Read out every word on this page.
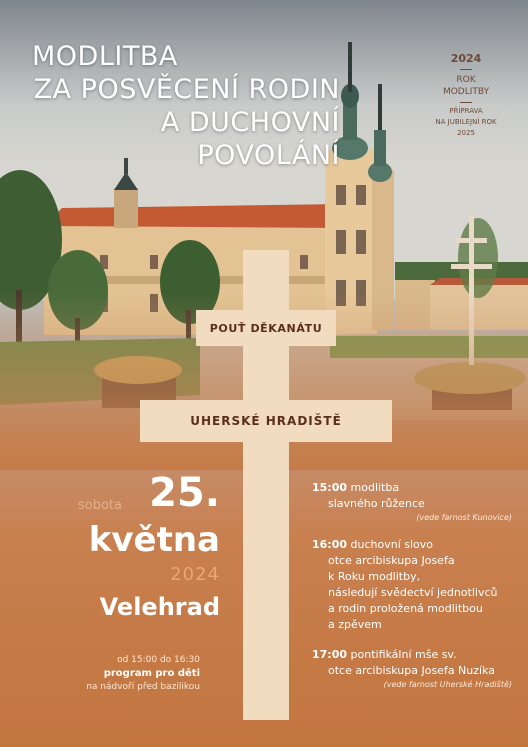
MODLITBA
ZA POSVĚCENÍ RODIN
A DUCHOVNÍ
POVOLÁNÍ
2024
ROK
MODLITBY
PŘÍPRAVA
NA JUBILEJNÍ ROK
2025
POUŤ DĚKANÁTU
UHERSKÉ HRADIŠTĚ
sobota 25.
května
2024
Velehrad
od 15:00 do 16:30
program pro děti
na nádvoří před bazilikou
15:00 modlitba
slavného růžence
(vede farnost Kunovice)
16:00 duchovní slovo
otce arcibiskupa Josefa
k Roku modlitby,
následují svědectví jednotlivců
a rodin proložená modlitbou
a zpěvem
17:00 pontifikální mše sv.
otce arcibiskupa Josefa Nuzíka
(vede farnost Uherské Hradiště)
